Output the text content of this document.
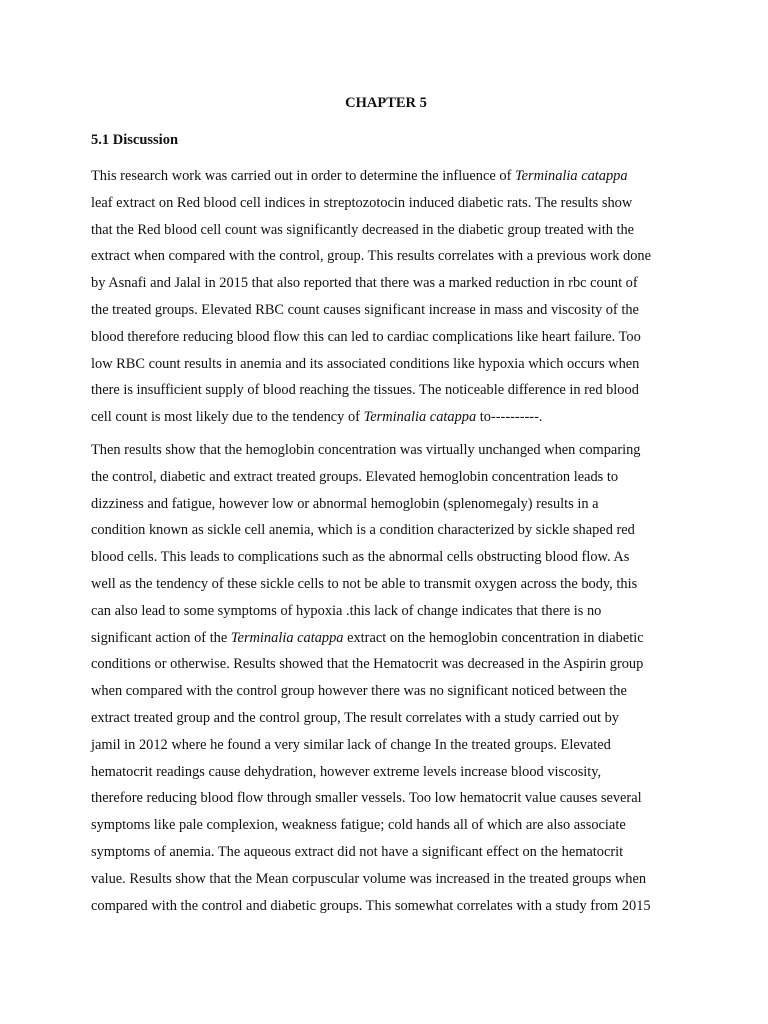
CHAPTER 5
5.1 Discussion
This research work was carried out in order to determine the influence of Terminalia catappa
leaf extract on Red blood cell indices in streptozotocin induced diabetic rats. The results show
that the Red blood cell count was significantly decreased in the diabetic group treated with the
extract when compared with the control, group. This results correlates with a previous work done
by Asnafi and Jalal in 2015 that also reported that there was a marked reduction in rbc count of
the treated groups. Elevated RBC count causes significant increase in mass and viscosity of the
blood therefore reducing blood flow this can led to cardiac complications like heart failure. Too
low RBC count results in anemia and its associated conditions like hypoxia which occurs when
there is insufficient supply of blood reaching the tissues. The noticeable difference in red blood
cell count is most likely due to the tendency of Terminalia catappa to----------.
Then results show that the hemoglobin concentration was virtually unchanged when comparing
the control, diabetic and extract treated groups. Elevated hemoglobin concentration leads to
dizziness and fatigue, however low or abnormal hemoglobin (splenomegaly) results in a
condition known as sickle cell anemia, which is a condition characterized by sickle shaped red
blood cells. This leads to complications such as the abnormal cells obstructing blood flow. As
well as the tendency of these sickle cells to not be able to transmit oxygen across the body, this
can also lead to some symptoms of hypoxia .this lack of change indicates that there is no
significant action of the Terminalia catappa extract on the hemoglobin concentration in diabetic
conditions or otherwise. Results showed that the Hematocrit was decreased in the Aspirin group
when compared with the control group however there was no significant noticed between the
extract treated group and the control group, The result correlates with a study carried out by
jamil in 2012 where he found a very similar lack of change In the treated groups. Elevated
hematocrit readings cause dehydration, however extreme levels increase blood viscosity,
therefore reducing blood flow through smaller vessels. Too low hematocrit value causes several
symptoms like pale complexion, weakness fatigue; cold hands all of which are also associate
symptoms of anemia. The aqueous extract did not have a significant effect on the hematocrit
value. Results show that the Mean corpuscular volume was increased in the treated groups when
compared with the control and diabetic groups. This somewhat correlates with a study from 2015
